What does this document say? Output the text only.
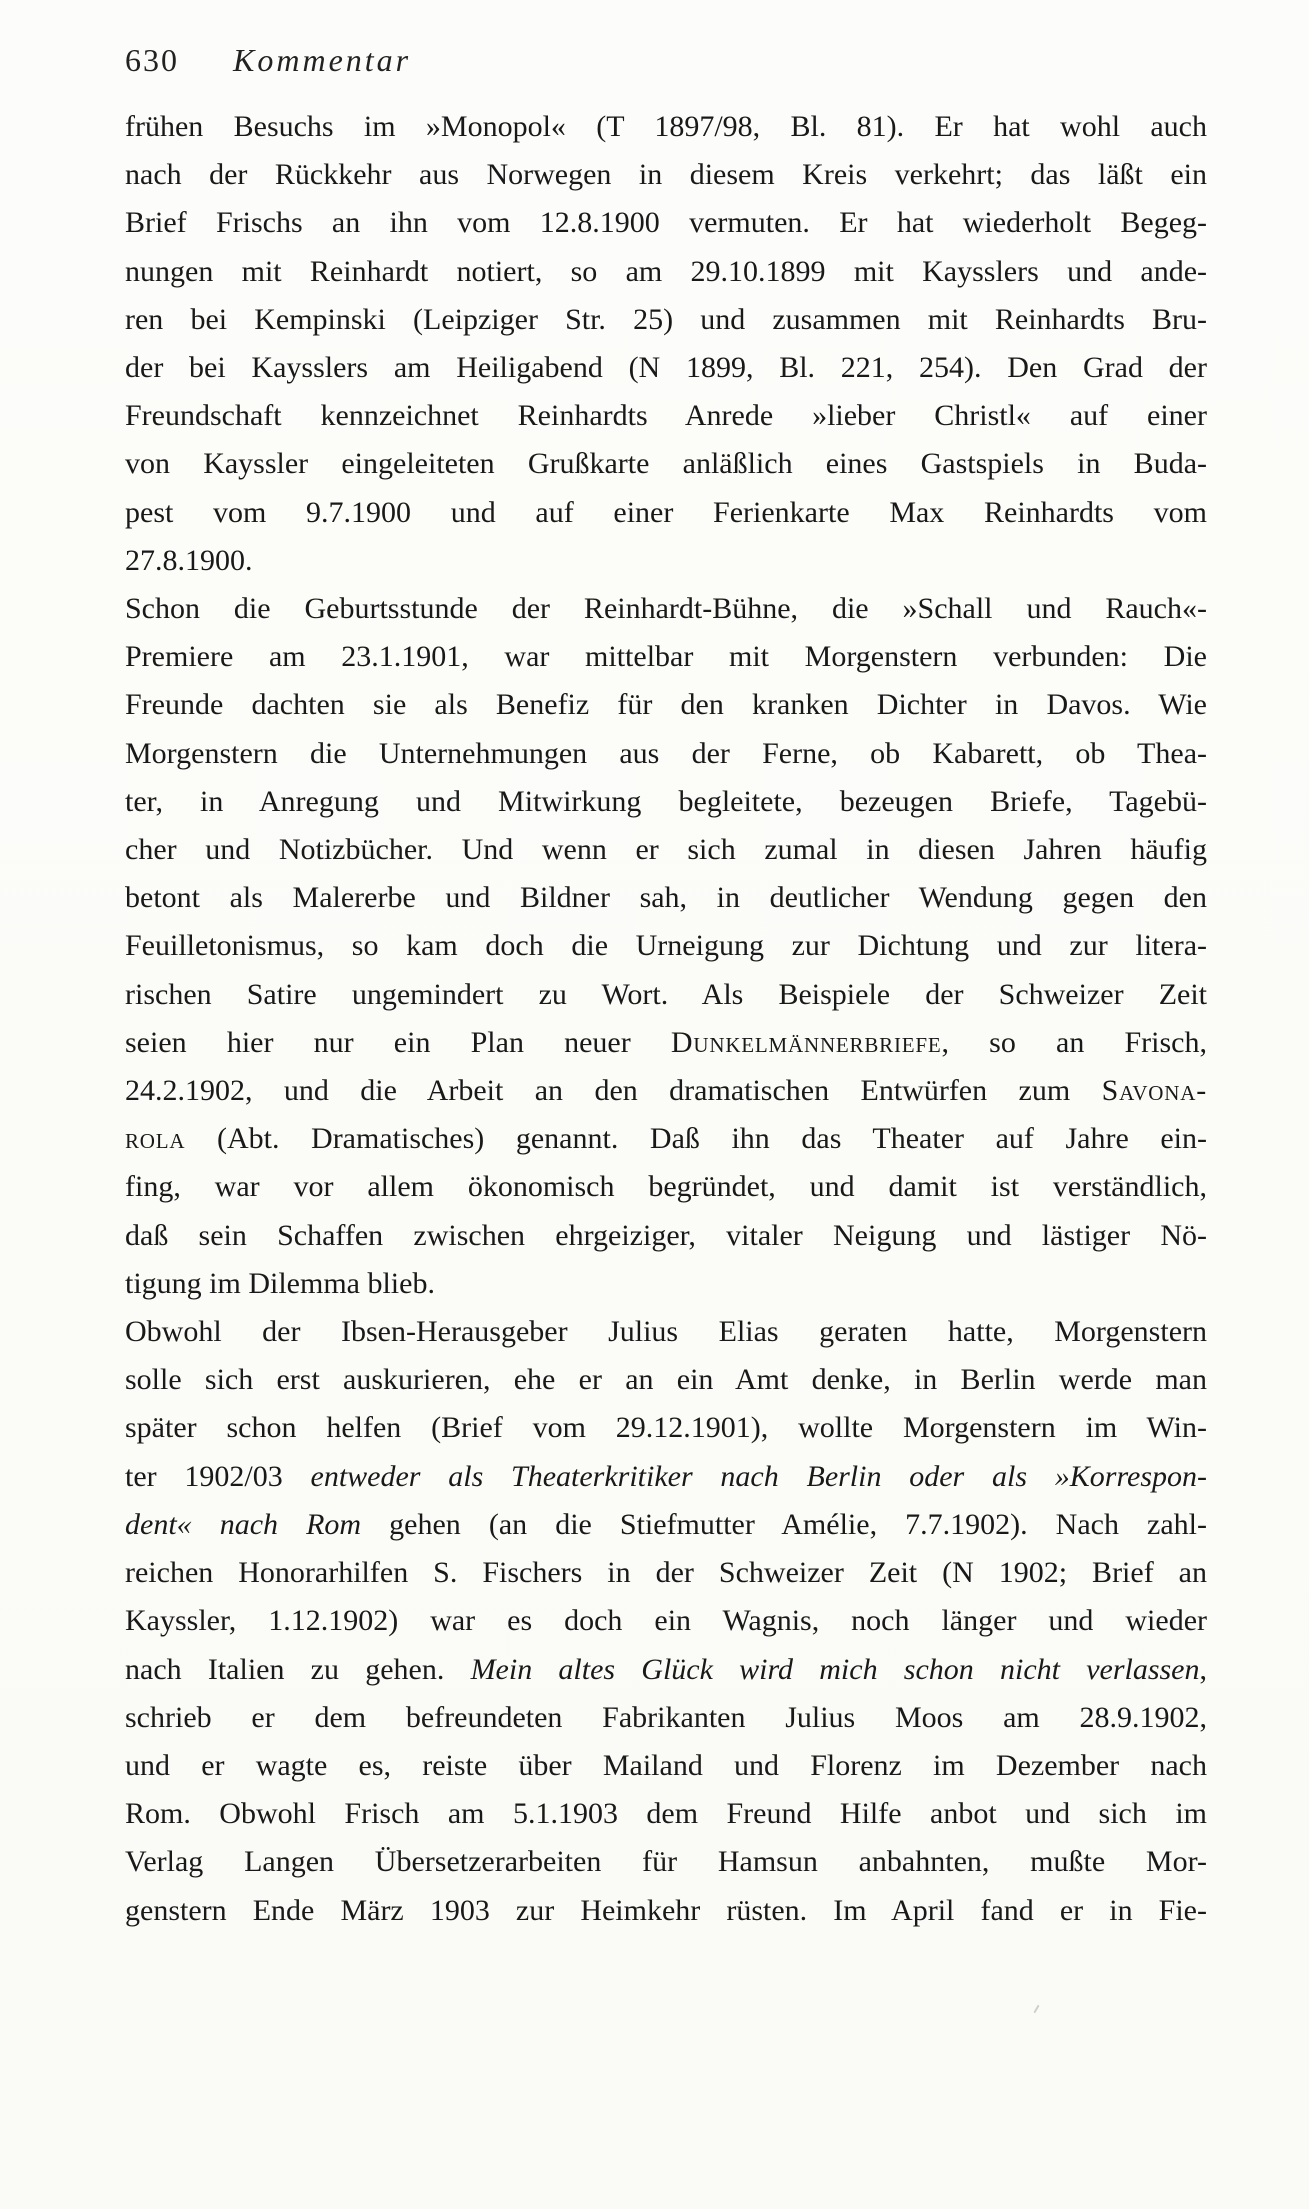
630 Kommentar
frühen Besuchs im »Monopol« (T 1897/98, Bl. 81). Er hat wohl auch
nach der Rückkehr aus Norwegen in diesem Kreis verkehrt; das läßt ein
Brief Frischs an ihn vom 12.8.1900 vermuten. Er hat wiederholt Begeg-
nungen mit Reinhardt notiert, so am 29.10.1899 mit Kaysslers und ande-
ren bei Kempinski (Leipziger Str. 25) und zusammen mit Reinhardts Bru-
der bei Kaysslers am Heiligabend (N 1899, Bl. 221, 254). Den Grad der
Freundschaft kennzeichnet Reinhardts Anrede »lieber Christl« auf einer
von Kayssler eingeleiteten Grußkarte anläßlich eines Gastspiels in Buda-
pest vom 9.7.1900 und auf einer Ferienkarte Max Reinhardts vom
27.8.1900.
Schon die Geburtsstunde der Reinhardt-Bühne, die »Schall und Rauch«-
Premiere am 23.1.1901, war mittelbar mit Morgenstern verbunden: Die
Freunde dachten sie als Benefiz für den kranken Dichter in Davos. Wie
Morgenstern die Unternehmungen aus der Ferne, ob Kabarett, ob Thea-
ter, in Anregung und Mitwirkung begleitete, bezeugen Briefe, Tagebü-
cher und Notizbücher. Und wenn er sich zumal in diesen Jahren häufig
betont als Malererbe und Bildner sah, in deutlicher Wendung gegen den
Feuilletonismus, so kam doch die Urneigung zur Dichtung und zur litera-
rischen Satire ungemindert zu Wort. Als Beispiele der Schweizer Zeit
seien hier nur ein Plan neuer Dunkelmännerbriefe, so an Frisch,
24.2.1902, und die Arbeit an den dramatischen Entwürfen zum Savona-
rola (Abt. Dramatisches) genannt. Daß ihn das Theater auf Jahre ein-
fing, war vor allem ökonomisch begründet, und damit ist verständlich,
daß sein Schaffen zwischen ehrgeiziger, vitaler Neigung und lästiger Nö-
tigung im Dilemma blieb.
Obwohl der Ibsen-Herausgeber Julius Elias geraten hatte, Morgenstern
solle sich erst auskurieren, ehe er an ein Amt denke, in Berlin werde man
später schon helfen (Brief vom 29.12.1901), wollte Morgenstern im Win-
ter 1902/03 entweder als Theaterkritiker nach Berlin oder als »Korrespon-
dent« nach Rom gehen (an die Stiefmutter Amélie, 7.7.1902). Nach zahl-
reichen Honorarhilfen S. Fischers in der Schweizer Zeit (N 1902; Brief an
Kayssler, 1.12.1902) war es doch ein Wagnis, noch länger und wieder
nach Italien zu gehen. Mein altes Glück wird mich schon nicht verlassen,
schrieb er dem befreundeten Fabrikanten Julius Moos am 28.9.1902,
und er wagte es, reiste über Mailand und Florenz im Dezember nach
Rom. Obwohl Frisch am 5.1.1903 dem Freund Hilfe anbot und sich im
Verlag Langen Übersetzerarbeiten für Hamsun anbahnten, mußte Mor-
genstern Ende März 1903 zur Heimkehr rüsten. Im April fand er in Fie-
